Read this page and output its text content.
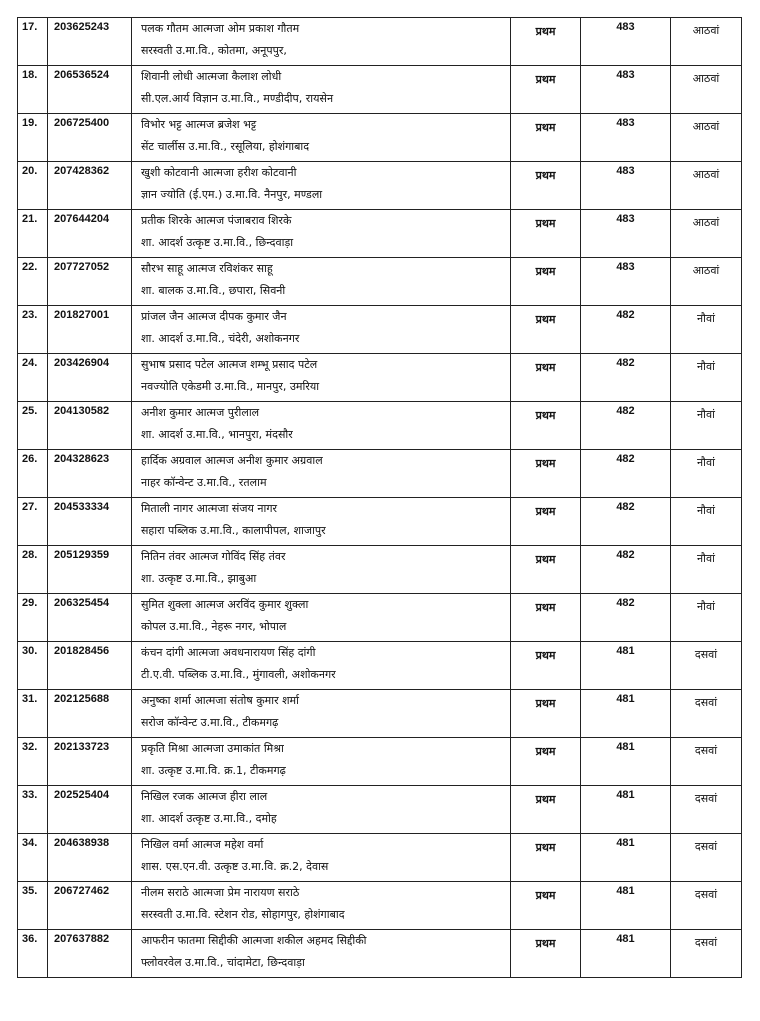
17.	203625243	पलक गौतम आत्मजा ओम प्रकाश गौतम
सरस्वती उ.मा.वि., कोतमा, अनूपपुर,	प्रथम	483	आठवां
18.	206536524	शिवानी लोधी आत्मजा कैलाश लोधी
सी.एल.आर्य विज्ञान उ.मा.वि., मण्डीदीप, रायसेन	प्रथम	483	आठवां
19.	206725400	विभोर भट्ट आत्मज ब्रजेश भट्ट
सेंट चार्लीस उ.मा.वि., रसूलिया, होशंगाबाद	प्रथम	483	आठवां
20.	207428362	खुशी कोटवानी आत्मजा हरीश कोटवानी
ज्ञान ज्योति (ई.एम.) उ.मा.वि. नैनपुर, मण्डला	प्रथम	483	आठवां
21.	207644204	प्रतीक शिरके आत्मज पंजाबराव शिरके
शा. आदर्श उत्कृष्ट उ.मा.वि., छिन्दवाड़ा	प्रथम	483	आठवां
22.	207727052	सौरभ साहू आत्मज रविशंकर साहू
शा. बालक उ.मा.वि., छपारा, सिवनी	प्रथम	483	आठवां
23.	201827001	प्रांजल जैन आत्मज दीपक कुमार जैन
शा. आदर्श उ.मा.वि., चंदेरी, अशोकनगर	प्रथम	482	नौवां
24.	203426904	सुभाष प्रसाद पटेल आत्मज शम्भू प्रसाद पटेल
नवज्योति एकेडमी उ.मा.वि., मानपुर, उमरिया	प्रथम	482	नौवां
25.	204130582	अनीश कुमार आत्मज पुरीलाल
शा. आदर्श उ.मा.वि., भानपुरा, मंदसौर	प्रथम	482	नौवां
26.	204328623	हार्दिक अग्रवाल आत्मज अनीश कुमार अग्रवाल
नाहर कॉन्वेन्ट उ.मा.वि., रतलाम	प्रथम	482	नौवां
27.	204533334	मिताली नागर आत्मजा संजय नागर
सहारा पब्लिक उ.मा.वि., कालापीपल, शाजापुर	प्रथम	482	नौवां
28.	205129359	नितिन तंवर आत्मज गोविंद सिंह तंवर
शा. उत्कृष्ट उ.मा.वि., झाबुआ	प्रथम	482	नौवां
29.	206325454	सुमित शुक्ला आत्मज अरविंद कुमार शुक्ला
कोपल उ.मा.वि., नेहरू नगर, भोपाल	प्रथम	482	नौवां
30.	201828456	कंचन दांगी आत्मजा अवधनारायण सिंह दांगी
टी.ए.वी. पब्लिक उ.मा.वि., मुंगावली, अशोकनगर	प्रथम	481	दसवां
31.	202125688	अनुष्का शर्मा आत्मजा संतोष कुमार शर्मा
सरोज कॉन्वेन्ट उ.मा.वि., टीकमगढ़	प्रथम	481	दसवां
32.	202133723	प्रकृति मिश्रा आत्मजा उमाकांत मिश्रा
शा. उत्कृष्ट उ.मा.वि. क्र.1, टीकमगढ़	प्रथम	481	दसवां
33.	202525404	निखिल रजक आत्मज हीरा लाल
शा. आदर्श उत्कृष्ट उ.मा.वि., दमोह	प्रथम	481	दसवां
34.	204638938	निखिल वर्मा आत्मज महेश वर्मा
शास. एस.एन.वी. उत्कृष्ट उ.मा.वि. क्र.2, देवास	प्रथम	481	दसवां
35.	206727462	नीलम सराठे आत्मजा प्रेम नारायण सराठे
सरस्वती उ.मा.वि. स्टेशन रोड, सोहागपुर, होशंगाबाद	प्रथम	481	दसवां
36.	207637882	आफरीन फातमा सिद्दीकी आत्मजा शकील अहमद सिद्दीकी
फ्लोवरवेल उ.मा.वि., चांदामेटा, छिन्दवाड़ा	प्रथम	481	दसवां
